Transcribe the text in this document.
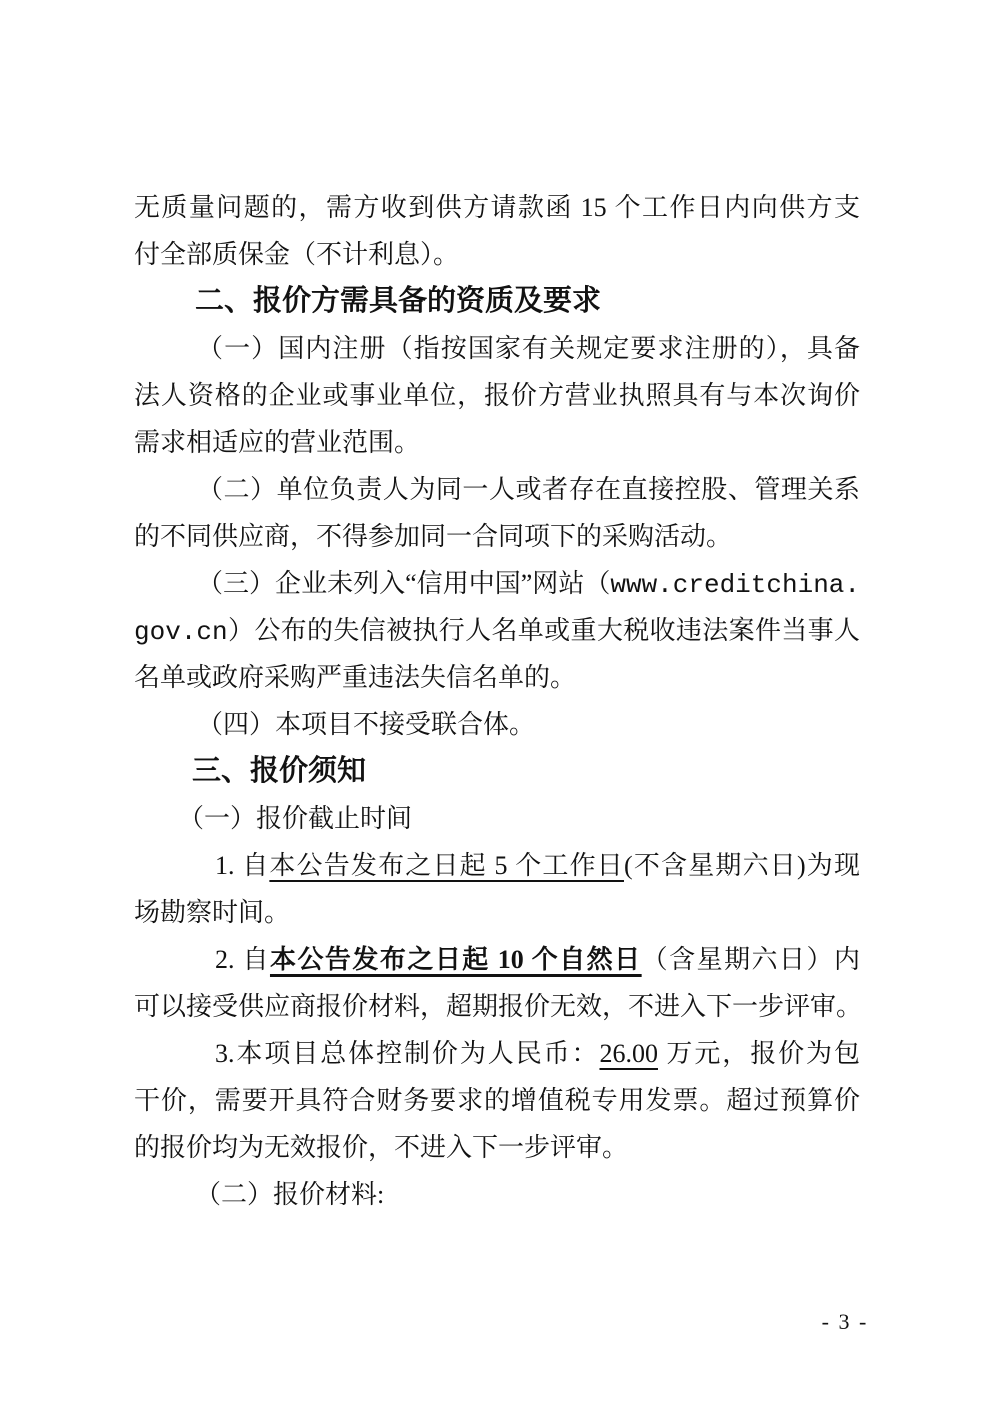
无质量问题的，需方收到供方请款函 15 个工作日内向供方支
付全部质保金（不计利息）。
二、报价方需具备的资质及要求
（一）国内注册（指按国家有关规定要求注册的），具备
法人资格的企业或事业单位，报价方营业执照具有与本次询价
需求相适应的营业范围。
（二）单位负责人为同一人或者存在直接控股、管理关系
的不同供应商，不得参加同一合同项下的采购活动。
（三）企业未列入“信用中国”网站（www.creditchina.
gov.cn）公布的失信被执行人名单或重大税收违法案件当事人
名单或政府采购严重违法失信名单的。
（四）本项目不接受联合体。
三、报价须知
（一）报价截止时间
1. 自本公告发布之日起 5 个工作日(不含星期六日)为现
场勘察时间。
2. 自本公告发布之日起 10 个自然日（含星期六日）内
可以接受供应商报价材料，超期报价无效，不进入下一步评审。
3.本项目总体控制价为人民币：26.00 万元，报价为包
干价，需要开具符合财务要求的增值税专用发票。超过预算价
的报价均为无效报价，不进入下一步评审。
（二）报价材料:
- 3 -
